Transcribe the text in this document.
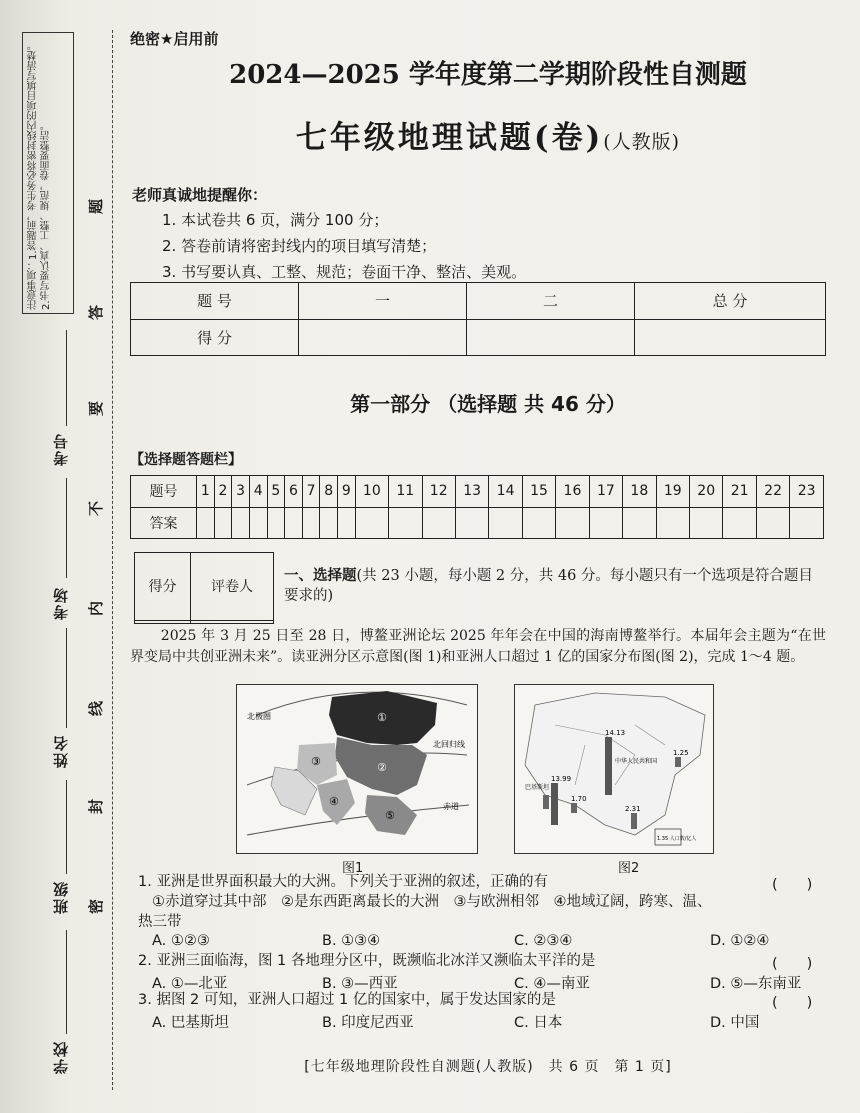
注意事项：1.答题前，考生务必将密封线内的项目填写清楚。2.书写要认真、工整、规范，卷面要整洁。
考号
考场
姓名
班级
学校
题
答
要
不
内
线
封
密
绝密★启用前
2024—2025 学年度第二学期阶段性自测题
七年级地理试题(卷)(人教版)
老师真诚地提醒你：
1. 本试卷共 6 页，满分 100 分；
2. 答卷前请将密封线内的项目填写清楚；
3. 书写要认真、工整、规范；卷面干净、整洁、美观。
题 号	一	二	总 分
得 分			
第一部分 （选择题 共 46 分）
【选择题答题栏】
题号	1	2	3	4	5	6	7	8	9	10	11	12	13	14	15	16	17	18	19	20	21	22	23
答案																							
得分	评卷人

一、选择题(共 23 小题，每小题 2 分，共 46 分。每小题只有一个选项是符合题目要求的)
2025 年 3 月 25 日至 28 日，博鳌亚洲论坛 2025 年年会在中国的海南博鳌举行。本届年会主题为“在世界变局中共创亚洲未来”。读亚洲分区示意图(图 1)和亚洲人口超过 1 亿的国家分布图(图 2)，完成 1～4 题。
北极圈
北回归线
赤道
①
②
③
④
⑤
图1
14.13
1.25
13.99
1.70
2.31
中华人民共和国
巴基斯坦
1.35 人口数/亿人
图2
1. 亚洲是世界面积最大的大洲。下列关于亚洲的叙述，正确的有	(　　)
①赤道穿过其中部　②是东西距离最长的大洲　③与欧洲相邻　④地域辽阔，跨寒、温、
热三带
A. ①②③	B. ①③④	C. ②③④	D. ①②④
2. 亚洲三面临海，图 1 各地理分区中，既濒临北冰洋又濒临太平洋的是	(　　)
A. ①—北亚	B. ③—西亚	C. ④—南亚	D. ⑤—东南亚
3. 据图 2 可知，亚洲人口超过 1 亿的国家中，属于发达国家的是	(　　)
A. 巴基斯坦	B. 印度尼西亚	C. 日本	D. 中国
[七年级地理阶段性自测题(人教版)　共 6 页　第 1 页]
